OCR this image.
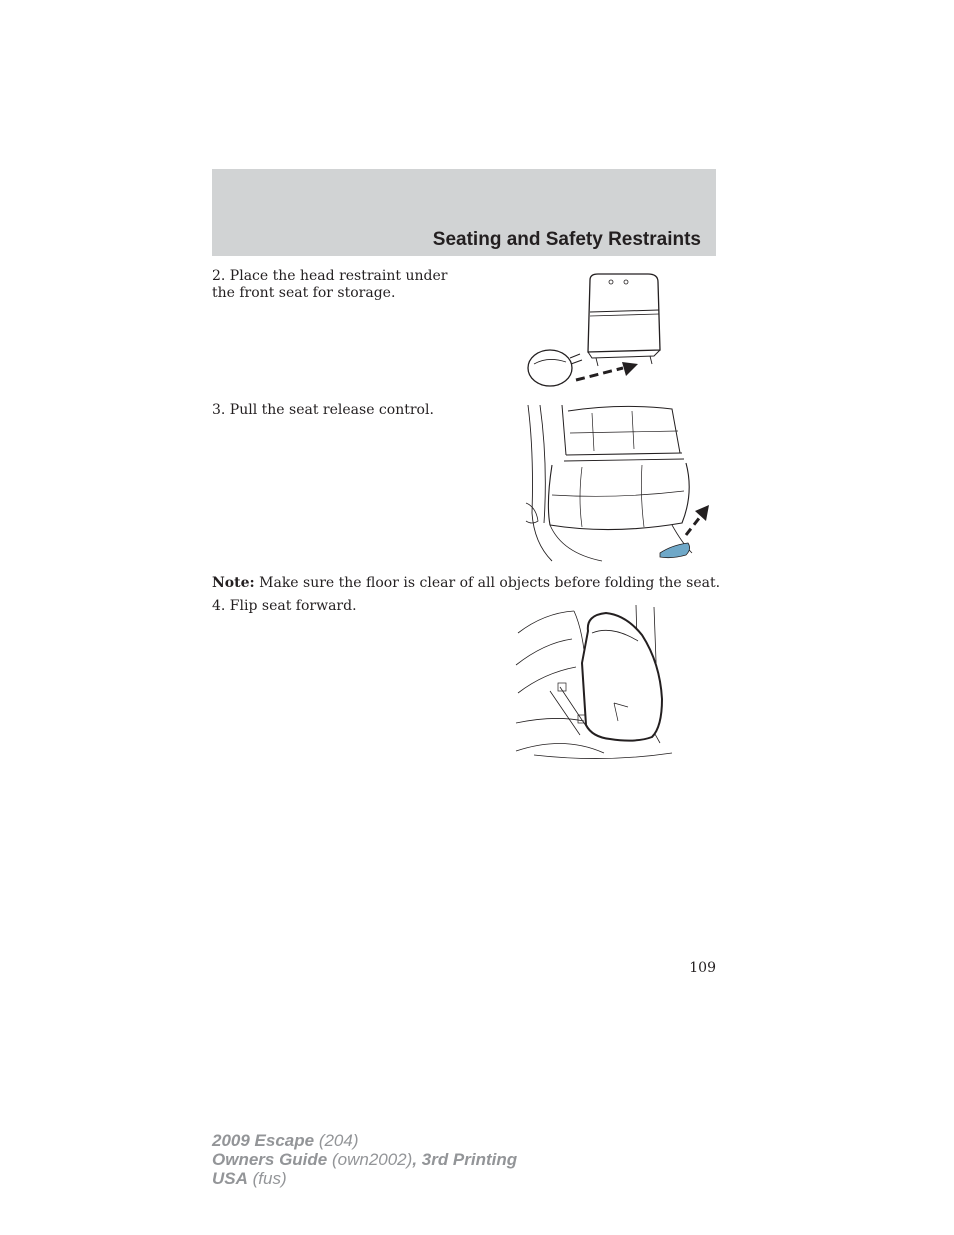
Seating and Safety Restraints
2. Place the head restraint under
the front seat for storage.
3. Pull the seat release control.
Note: Make sure the floor is clear of all objects before folding the seat.
4. Flip seat forward.
109
2009 Escape (204)
Owners Guide (own2002), 3rd Printing
USA (fus)
